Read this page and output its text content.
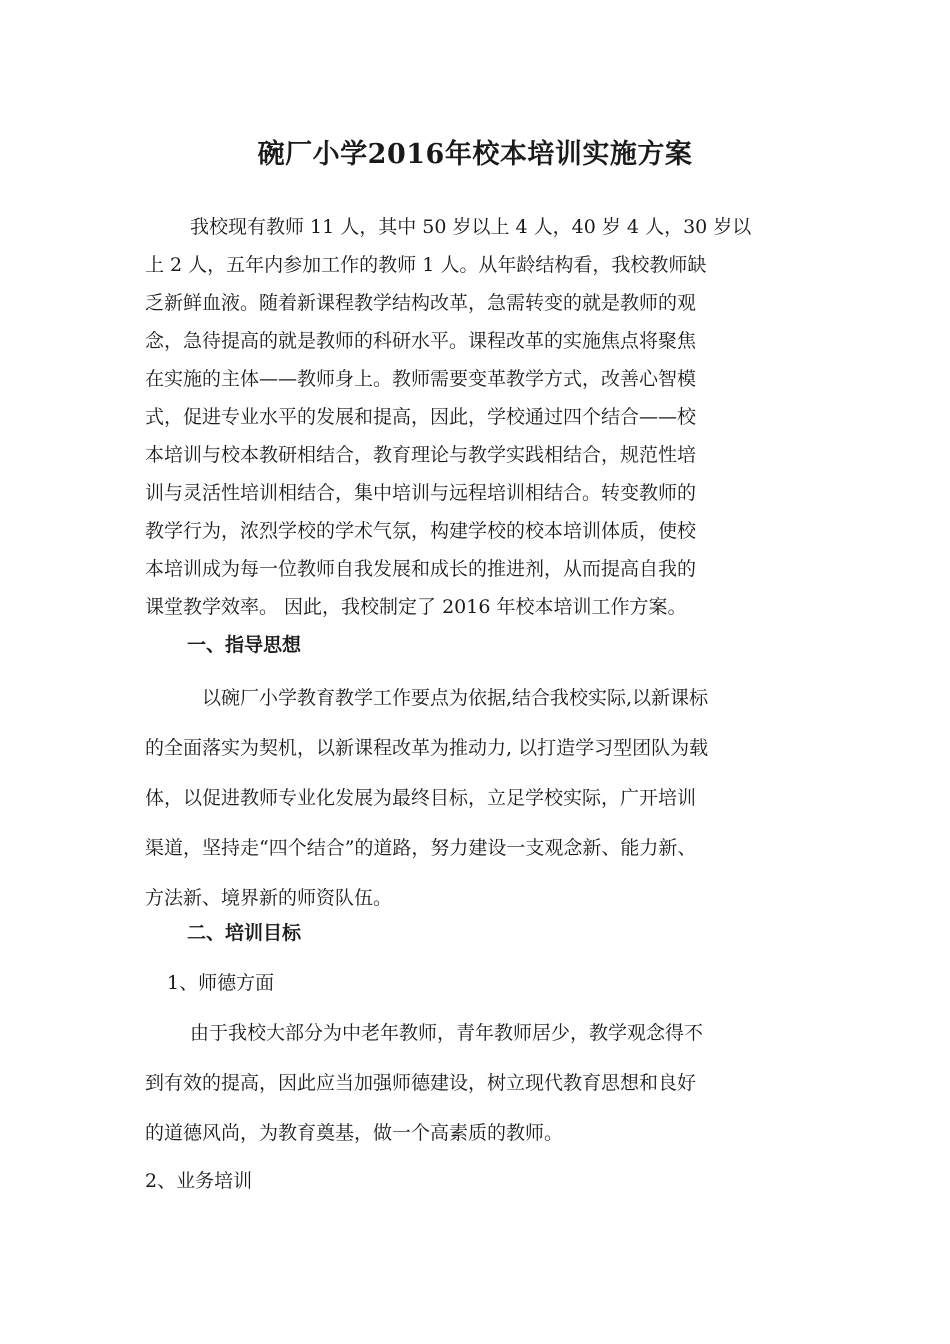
碗厂小学2016年校本培训实施方案
我校现有教师 11 人，其中 50 岁以上 4 人，40 岁 4 人，30 岁以
上 2 人，五年内参加工作的教师 1 人。从年龄结构看，我校教师缺
乏新鲜血液。随着新课程教学结构改革，急需转变的就是教师的观
念，急待提高的就是教师的科研水平。课程改革的实施焦点将聚焦
在实施的主体——教师身上。教师需要变革教学方式，改善心智模
式，促进专业水平的发展和提高，因此，学校通过四个结合——校
本培训与校本教研相结合，教育理论与教学实践相结合，规范性培
训与灵活性培训相结合，集中培训与远程培训相结合。转变教师的
教学行为，浓烈学校的学术气氛，构建学校的校本培训体质，使校
本培训成为每一位教师自我发展和成长的推进剂，从而提高自我的
课堂教学效率。 因此，我校制定了 2016 年校本培训工作方案。
一、指导思想
以碗厂小学教育教学工作要点为依据,结合我校实际,以新课标
的全面落实为契机，以新课程改革为推动力, 以打造学习型团队为载
体，以促进教师专业化发展为最终目标，立足学校实际，广开培训
渠道，坚持走“四个结合”的道路，努力建设一支观念新、能力新、
方法新、境界新的师资队伍。
二、培训目标
1、师德方面
由于我校大部分为中老年教师，青年教师居少，教学观念得不
到有效的提高，因此应当加强师德建设，树立现代教育思想和良好
的道德风尚，为教育奠基，做一个高素质的教师。
2、业务培训
